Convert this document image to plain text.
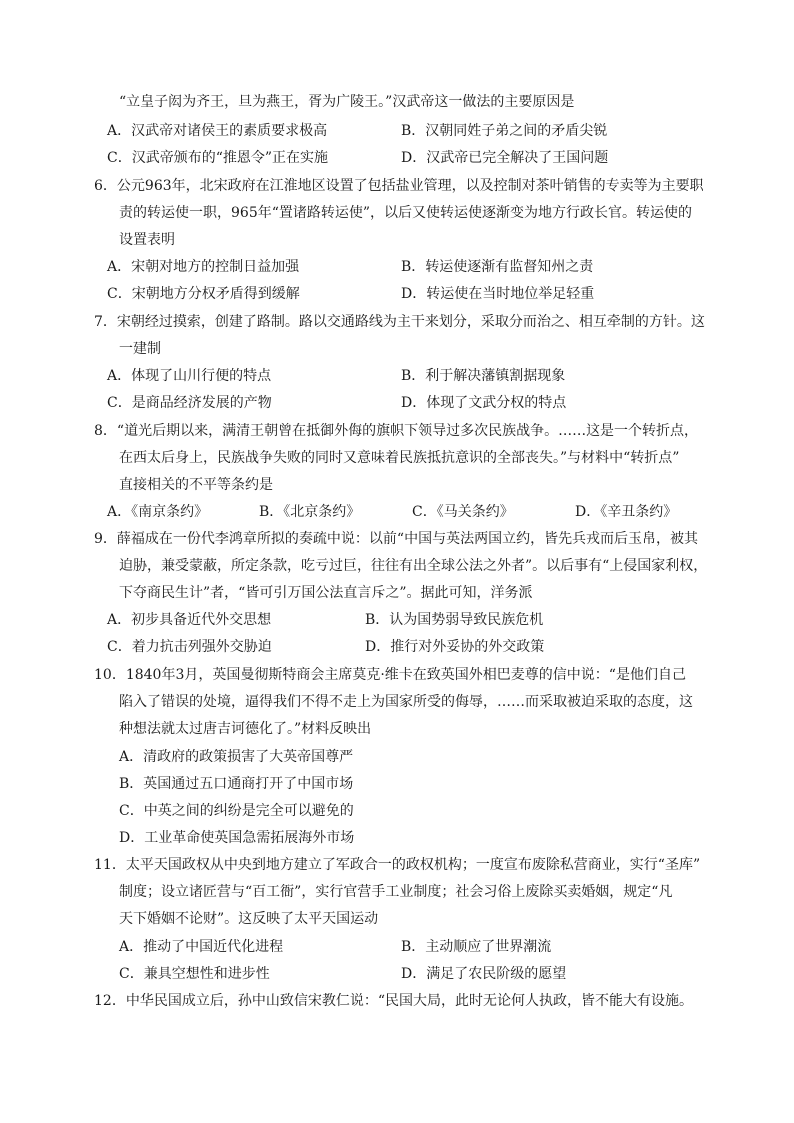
“立皇子闳为齐王，旦为燕王，胥为广陵王。”汉武帝这一做法的主要原因是
A．汉武帝对诸侯王的素质要求极高	B．汉朝同姓子弟之间的矛盾尖锐
C．汉武帝颁布的“推恩令”正在实施	D．汉武帝已完全解决了王国问题
6．公元963年，北宋政府在江淮地区设置了包括盐业管理，以及控制对茶叶销售的专卖等为主要职
责的转运使一职，965年“置诸路转运使”，以后又使转运使逐渐变为地方行政长官。转运使的
设置表明
A．宋朝对地方的控制日益加强	B．转运使逐渐有监督知州之责
C．宋朝地方分权矛盾得到缓解	D．转运使在当时地位举足轻重
7．宋朝经过摸索，创建了路制。路以交通路线为主干来划分，采取分而治之、相互牵制的方针。这
一建制
A．体现了山川行便的特点	B．利于解决藩镇割据现象
C．是商品经济发展的产物	D．体现了文武分权的特点
8．“道光后期以来，满清王朝曾在抵御外侮的旗帜下领导过多次民族战争。……这是一个转折点，
在西太后身上，民族战争失败的同时又意味着民族抵抗意识的全部丧失。”与材料中“转折点”
直接相关的不平等条约是
A．《南京条约》	B．《北京条约》	C．《马关条约》	D．《辛丑条约》
9．薛福成在一份代李鸿章所拟的奏疏中说：以前“中国与英法两国立约，皆先兵戎而后玉帛，被其
迫胁，兼受蒙蔽，所定条款，吃亏过巨，往往有出全球公法之外者”。以后事有“上侵国家利权，
下夺商民生计”者，“皆可引万国公法直言斥之”。据此可知，洋务派
A．初步具备近代外交思想	B．认为国势弱导致民族危机
C．着力抗击列强外交胁迫	D．推行对外妥协的外交政策
10．1840年3月，英国曼彻斯特商会主席莫克·维卡在致英国外相巴麦尊的信中说：“是他们自己
陷入了错误的处境，逼得我们不得不走上为国家所受的侮辱，……而采取被迫采取的态度，这
种想法就太过唐吉诃德化了。”材料反映出
A．清政府的政策损害了大英帝国尊严
B．英国通过五口通商打开了中国市场
C．中英之间的纠纷是完全可以避免的
D．工业革命使英国急需拓展海外市场
11．太平天国政权从中央到地方建立了军政合一的政权机构；一度宣布废除私营商业，实行“圣库”
制度；设立诸匠营与“百工衙”，实行官营手工业制度；社会习俗上废除买卖婚姻，规定“凡
天下婚姻不论财”。这反映了太平天国运动
A．推动了中国近代化进程	B．主动顺应了世界潮流
C．兼具空想性和进步性	D．满足了农民阶级的愿望
12．中华民国成立后，孙中山致信宋教仁说：“民国大局，此时无论何人执政，皆不能大有设施。
